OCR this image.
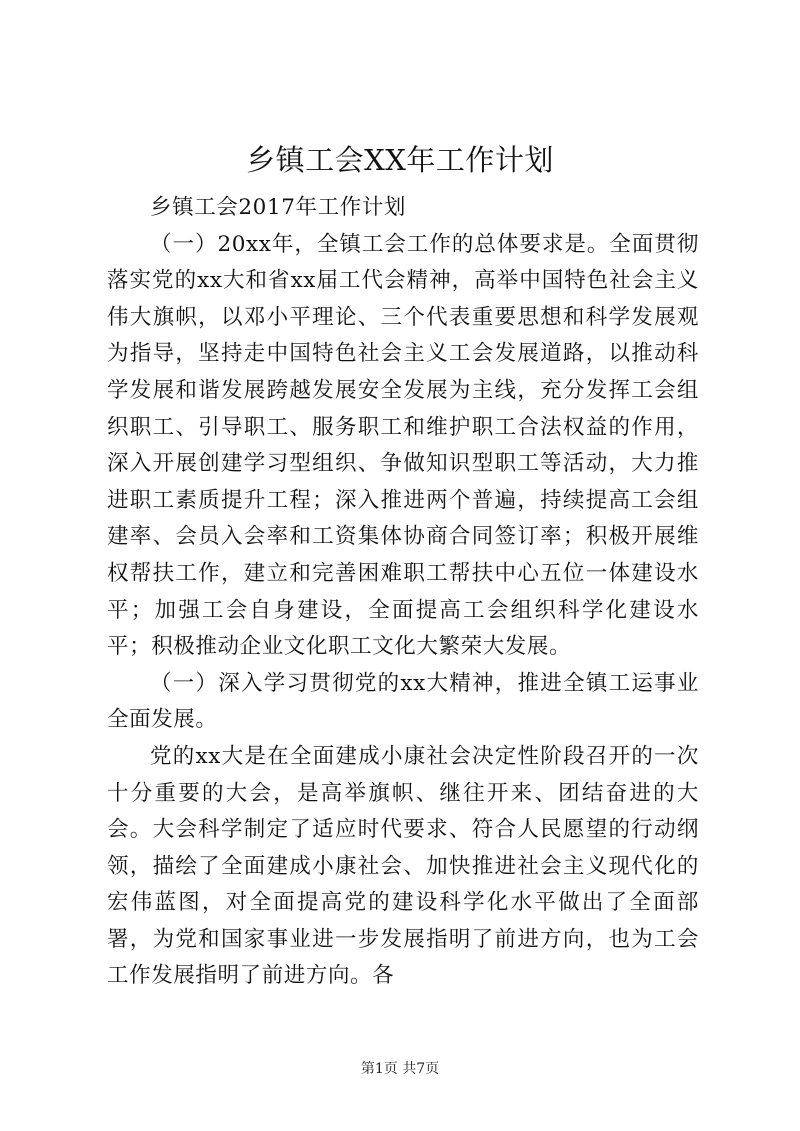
乡镇工会XX年工作计划

乡镇工会2017年工作计划

（一）20xx年，全镇工会工作的总体要求是。全面贯彻落实党的xx大和省xx届工代会精神，高举中国特色社会主义伟大旗帜，以邓小平理论、三个代表重要思想和科学发展观为指导，坚持走中国特色社会主义工会发展道路，以推动科学发展和谐发展跨越发展安全发展为主线，充分发挥工会组织职工、引导职工、服务职工和维护职工合法权益的作用，深入开展创建学习型组织、争做知识型职工等活动，大力推进职工素质提升工程；深入推进两个普遍，持续提高工会组建率、会员入会率和工资集体协商合同签订率；积极开展维权帮扶工作，建立和完善困难职工帮扶中心五位一体建设水平；加强工会自身建设，全面提高工会组织科学化建设水平；积极推动企业文化职工文化大繁荣大发展。

（一）深入学习贯彻党的xx大精神，推进全镇工运事业全面发展。

党的xx大是在全面建成小康社会决定性阶段召开的一次十分重要的大会，是高举旗帜、继往开来、团结奋进的大会。大会科学制定了适应时代要求、符合人民愿望的行动纲领，描绘了全面建成小康社会、加快推进社会主义现代化的宏伟蓝图，对全面提高党的建设科学化水平做出了全面部署，为党和国家事业进一步发展指明了前进方向，也为工会工作发展指明了前进方向。各

第1页 共7页
